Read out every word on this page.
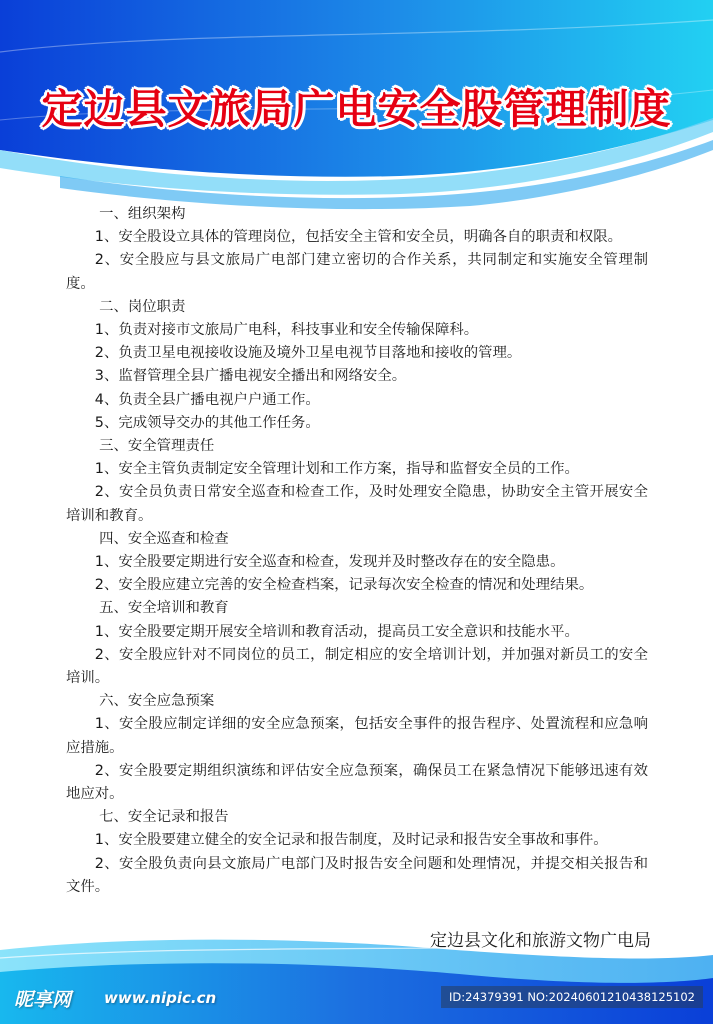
定边县文旅局广电安全股管理制度

一、组织架构

1、安全股设立具体的管理岗位，包括安全主管和安全员，明确各自的职责和权限。

2、安全股应与县文旅局广电部门建立密切的合作关系，共同制定和实施安全管理制度。

二、岗位职责

1、负责对接市文旅局广电科，科技事业和安全传输保障科。

2、负责卫星电视接收设施及境外卫星电视节目落地和接收的管理。

3、监督管理全县广播电视安全播出和网络安全。

4、负责全县广播电视户户通工作。

5、完成领导交办的其他工作任务。

三、安全管理责任

1、安全主管负责制定安全管理计划和工作方案，指导和监督安全员的工作。

2、安全员负责日常安全巡查和检查工作，及时处理安全隐患，协助安全主管开展安全培训和教育。

四、安全巡查和检查

1、安全股要定期进行安全巡查和检查，发现并及时整改存在的安全隐患。

2、安全股应建立完善的安全检查档案，记录每次安全检查的情况和处理结果。

五、安全培训和教育

1、安全股要定期开展安全培训和教育活动，提高员工安全意识和技能水平。

2、安全股应针对不同岗位的员工，制定相应的安全培训计划，并加强对新员工的安全培训。

六、安全应急预案

1、安全股应制定详细的安全应急预案，包括安全事件的报告程序、处置流程和应急响应措施。

2、安全股要定期组织演练和评估安全应急预案，确保员工在紧急情况下能够迅速有效地应对。

七、安全记录和报告

1、安全股要建立健全的安全记录和报告制度，及时记录和报告安全事故和事件。

2、安全股负责向县文旅局广电部门及时报告安全问题和处理情况，并提交相关报告和文件。

定边县文化和旅游文物广电局
昵享网 www.nipic.cn	ID:24379391 NO:20240601210438125102
